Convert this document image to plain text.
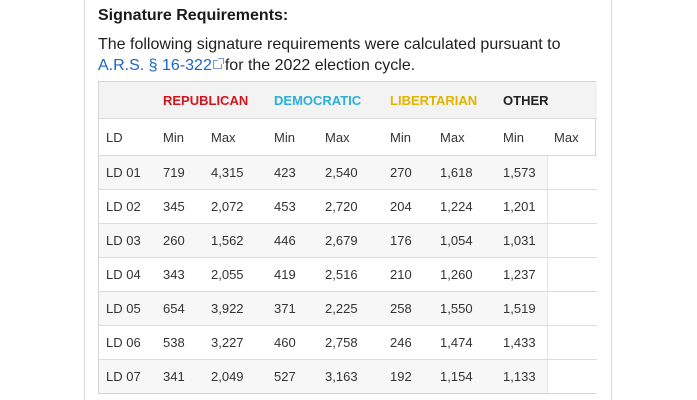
Signature Requirements:
The following signature requirements were calculated pursuant to A.R.S. § 16-322 for the 2022 election cycle.
	REPUBLICAN		DEMOCRATIC		LIBERTARIAN		OTHER	
LD	Min	Max	Min	Max	Min	Max	Min	Max
LD 01	719	4,315	423	2,540	270	1,618	1,573	
LD 02	345	2,072	453	2,720	204	1,224	1,201	
LD 03	260	1,562	446	2,679	176	1,054	1,031	
LD 04	343	2,055	419	2,516	210	1,260	1,237	
LD 05	654	3,922	371	2,225	258	1,550	1,519	
LD 06	538	3,227	460	2,758	246	1,474	1,433	
LD 07	341	2,049	527	3,163	192	1,154	1,133	
